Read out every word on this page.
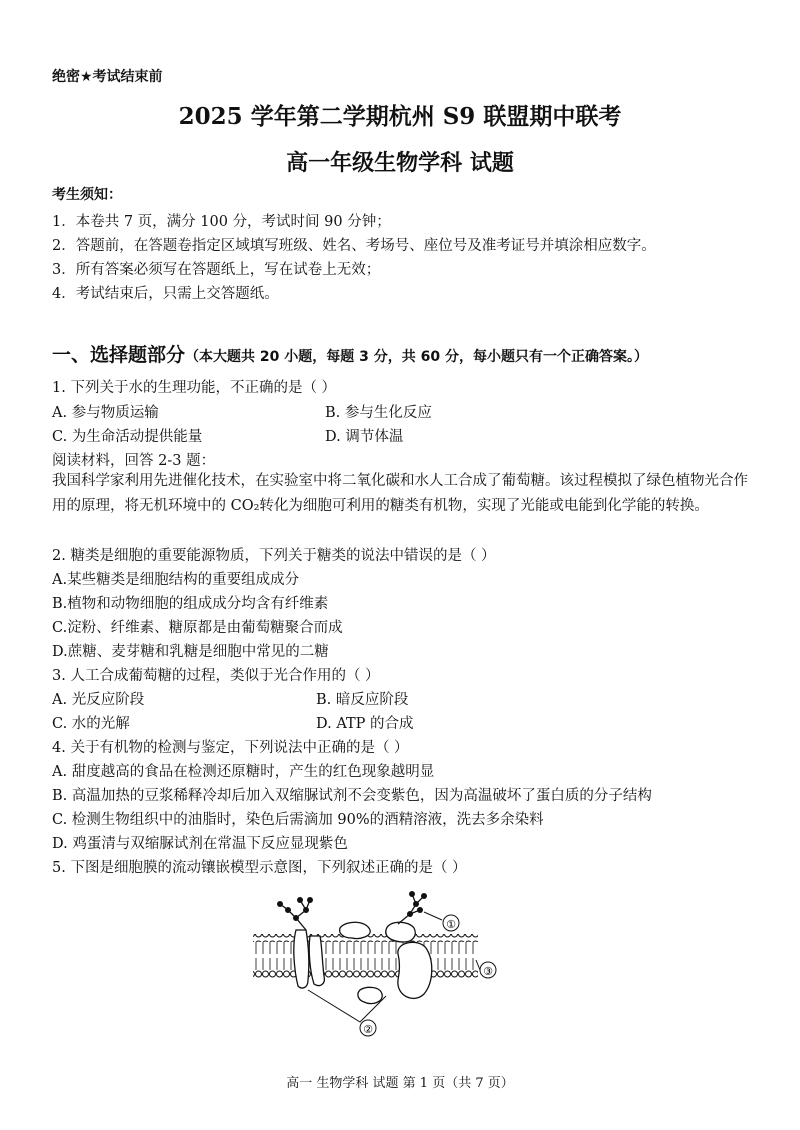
绝密★考试结束前
2025 学年第二学期杭州 S9 联盟期中联考
高一年级生物学科 试题
考生须知：
1．本卷共 7 页，满分 100 分，考试时间 90 分钟；
2．答题前，在答题卷指定区域填写班级、姓名、考场号、座位号及准考证号并填涂相应数字。
3．所有答案必须写在答题纸上，写在试卷上无效；
4．考试结束后，只需上交答题纸。
一、选择题部分（本大题共 20 小题，每题 3 分，共 60 分，每小题只有一个正确答案。）
1. 下列关于水的生理功能，不正确的是（ ）
A. 参与物质运输	B. 参与生化反应
C. 为生命活动提供能量	D. 调节体温
阅读材料，回答 2-3 题：
我国科学家利用先进催化技术，在实验室中将二氧化碳和水人工合成了葡萄糖。该过程模拟了绿色植物光合作用的原理，将无机环境中的 CO₂转化为细胞可利用的糖类有机物，实现了光能或电能到化学能的转换。
2. 糖类是细胞的重要能源物质，下列关于糖类的说法中错误的是（ ）
A.某些糖类是细胞结构的重要组成成分
B.植物和动物细胞的组成成分均含有纤维素
C.淀粉、纤维素、糖原都是由葡萄糖聚合而成
D.蔗糖、麦芽糖和乳糖是细胞中常见的二糖
3. 人工合成葡萄糖的过程，类似于光合作用的（ ）
A. 光反应阶段	B. 暗反应阶段
C. 水的光解	D. ATP 的合成
4. 关于有机物的检测与鉴定，下列说法中正确的是（ ）
A. 甜度越高的食品在检测还原糖时，产生的红色现象越明显
B. 高温加热的豆浆稀释冷却后加入双缩脲试剂不会变紫色，因为高温破坏了蛋白质的分子结构
C. 检测生物组织中的油脂时，染色后需滴加 90%的酒精溶液，洗去多余染料
D. 鸡蛋清与双缩脲试剂在常温下反应显现紫色
5. 下图是细胞膜的流动镶嵌模型示意图，下列叙述正确的是（ ）
①
③
②
高一 生物学科 试题 第 1 页（共 7 页）
